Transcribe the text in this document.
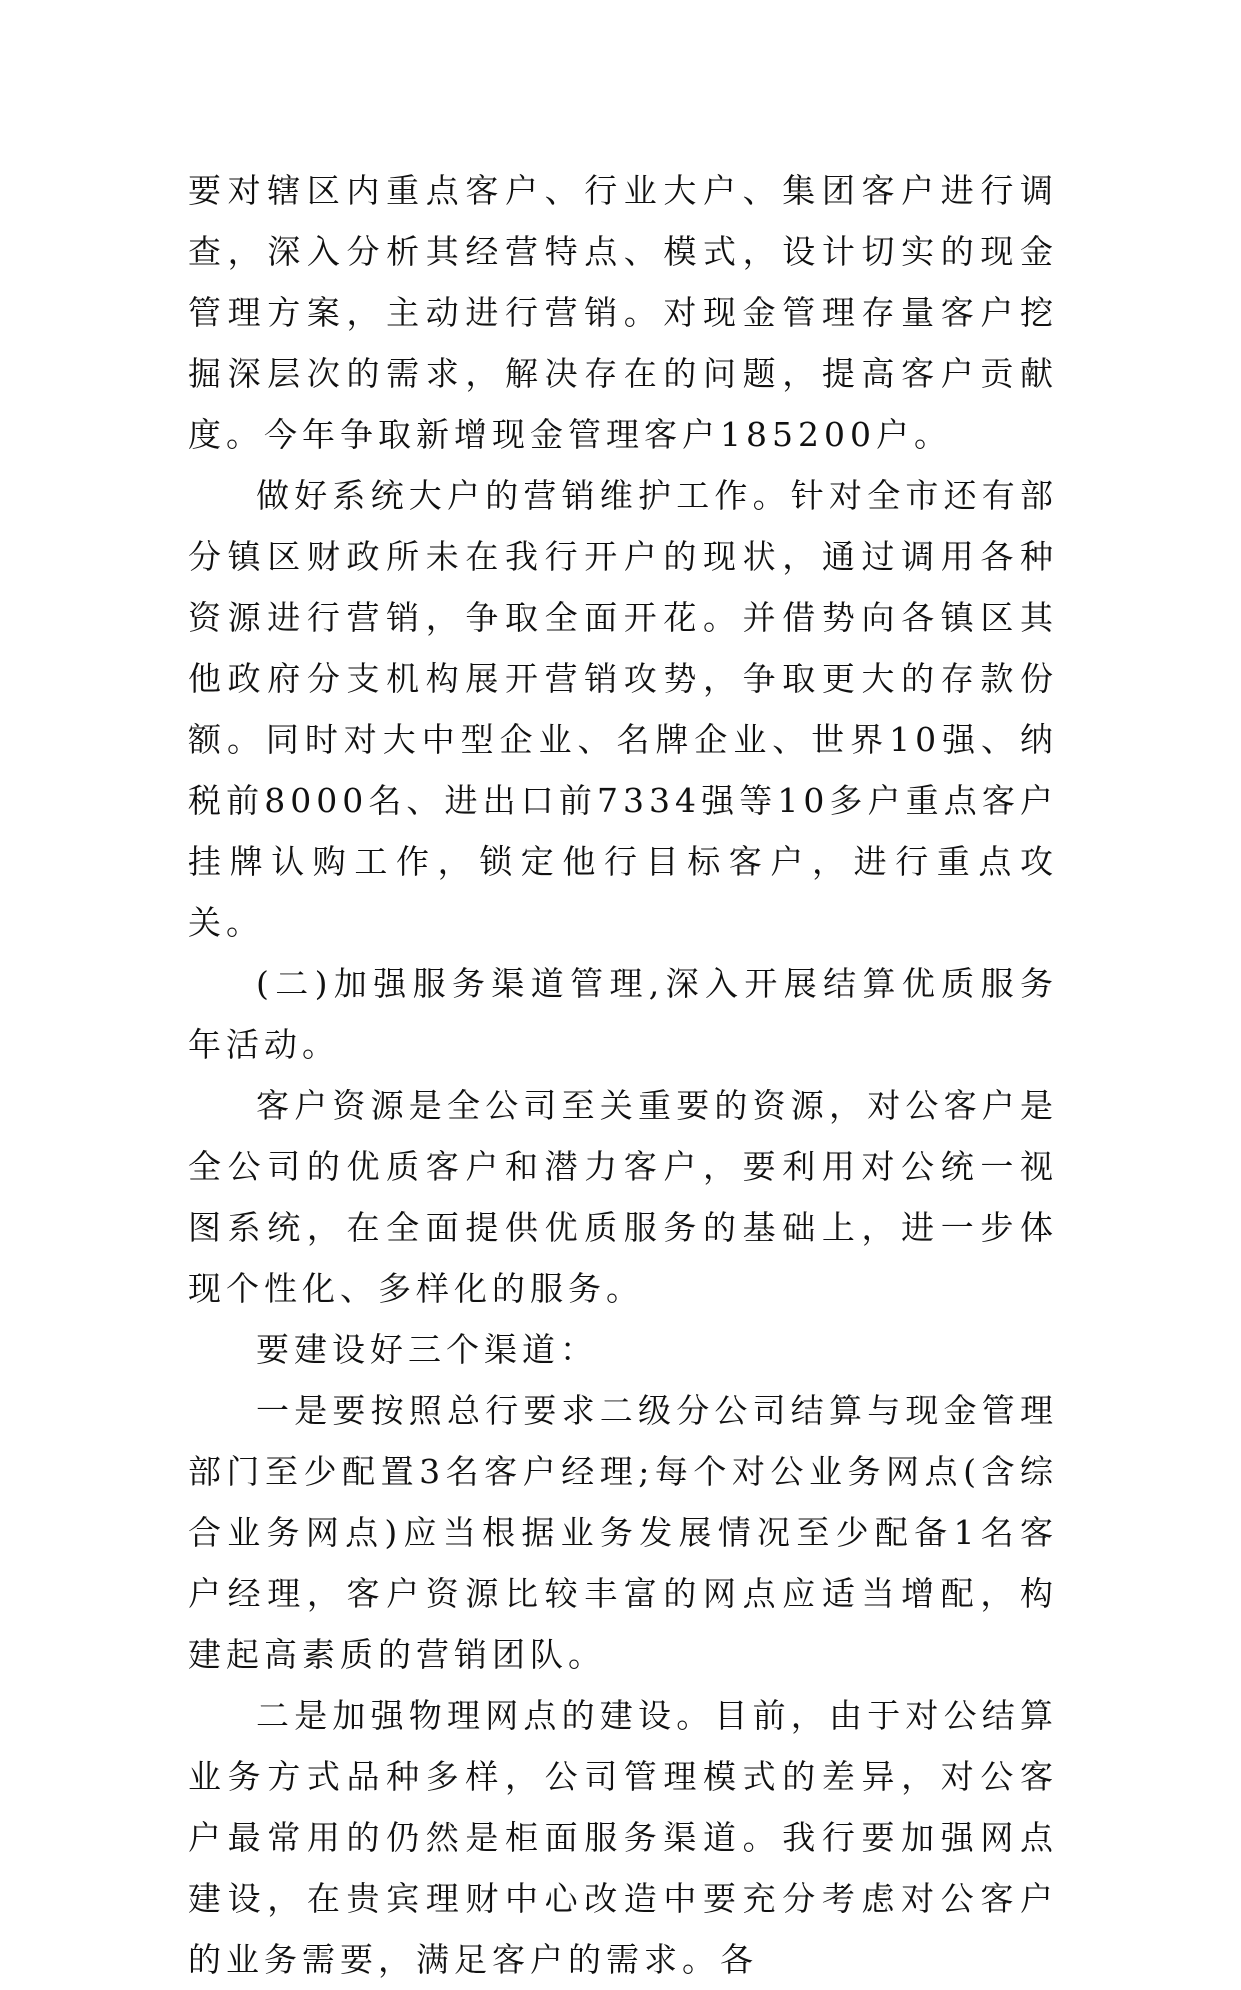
要对辖区内重点客户、行业大户、集团客户进行调查，深入分析其经营特点、模式，设计切实的现金管理方案，主动进行营销。对现金管理存量客户挖掘深层次的需求，解决存在的问题，提高客户贡献度。今年争取新增现金管理客户185200户。

做好系统大户的营销维护工作。针对全市还有部分镇区财政所未在我行开户的现状，通过调用各种资源进行营销，争取全面开花。并借势向各镇区其他政府分支机构展开营销攻势，争取更大的存款份额。同时对大中型企业、名牌企业、世界10强、纳税前8000名、进出口前7334强等10多户重点客户挂牌认购工作，锁定他行目标客户，进行重点攻关。

(二)加强服务渠道管理,深入开展结算优质服务年活动。

客户资源是全公司至关重要的资源，对公客户是全公司的优质客户和潜力客户，要利用对公统一视图系统，在全面提供优质服务的基础上，进一步体现个性化、多样化的服务。

要建设好三个渠道：

一是要按照总行要求二级分公司结算与现金管理部门至少配置3名客户经理;每个对公业务网点(含综合业务网点)应当根据业务发展情况至少配备1名客户经理，客户资源比较丰富的网点应适当增配，构建起高素质的营销团队。

二是加强物理网点的建设。目前，由于对公结算业务方式品种多样，公司管理模式的差异，对公客户最常用的仍然是柜面服务渠道。我行要加强网点建设，在贵宾理财中心改造中要充分考虑对公客户的业务需要，满足客户的需求。各
